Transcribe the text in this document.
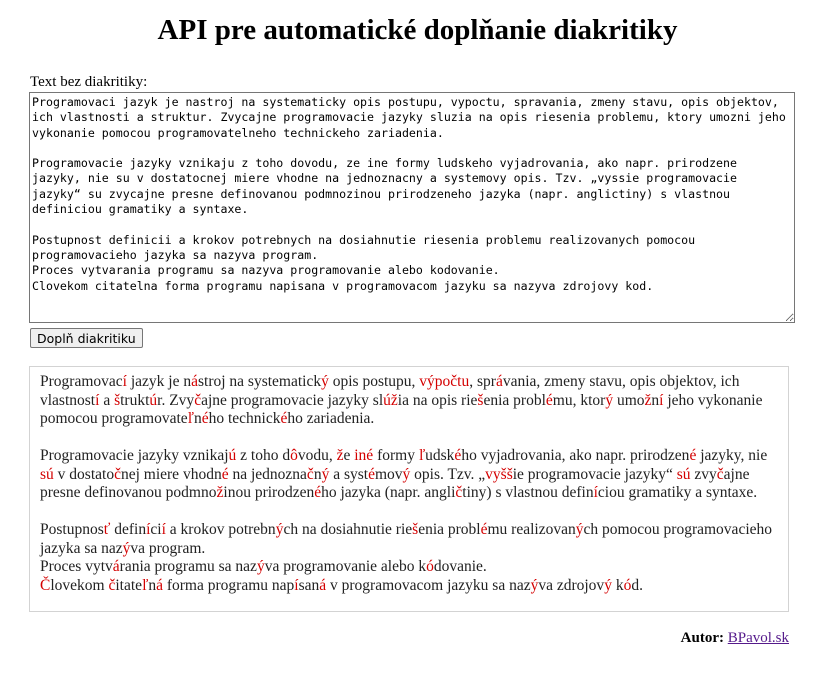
API pre automatické doplňanie diakritiky
Text bez diakritiky:
Programovaci jazyk je nastroj na systematicky opis postupu, vypoctu, spravania, zmeny stavu, opis objektov, ich vlastnosti a struktur. Zvycajne programovacie jazyky sluzia na opis riesenia problemu, ktory umozni jeho vykonanie pomocou programovatelneho technickeho zariadenia. Programovacie jazyky vznikaju z toho dovodu, ze ine formy ludskeho vyjadrovania, ako napr. prirodzene jazyky, nie su v dostatocnej miere vhodne na jednoznacny a systemovy opis. Tzv. „vyssie programovacie jazyky“ su zvycajne presne definovanou podmnozinou prirodzeneho jazyka (napr. anglictiny) s vlastnou definiciou gramatiky a syntaxe. Postupnost definicii a krokov potrebnych na dosiahnutie riesenia problemu realizovanych pomocou programovacieho jazyka sa nazyva program. Proces vytvarania programu sa nazyva programovanie alebo kodovanie. Clovekom citatelna forma programu napisana v programovacom jazyku sa nazyva zdrojovy kod.
Doplň diakritiku

Programovací jazyk je nástroj na systematický opis postupu, výpočtu, správania, zmeny stavu, opis objektov, ich vlastností a štruktúr. Zvyčajne programovacie jazyky slúžia na opis riešenia problému, ktorý umožní jeho vykonanie pomocou programovateľného technického zariadenia.

Programovacie jazyky vznikajú z toho dôvodu, že iné formy ľudského vyjadrovania, ako napr. prirodzené jazyky, nie sú v dostatočnej miere vhodné na jednoznačný a systémový opis. Tzv. „vyššie programovacie jazyky“ sú zvyčajne presne definovanou podmnožinou prirodzeného jazyka (napr. angličtiny) s vlastnou definíciou gramatiky a syntaxe.

Postupnosť definícií a krokov potrebných na dosiahnutie riešenia problému realizovaných pomocou programovacieho jazyka sa nazýva program.
Proces vytvárania programu sa nazýva programovanie alebo kódovanie.
Človekom čitateľná forma programu napísaná v programovacom jazyku sa nazýva zdrojový kód.

Autor: BPavol.sk
